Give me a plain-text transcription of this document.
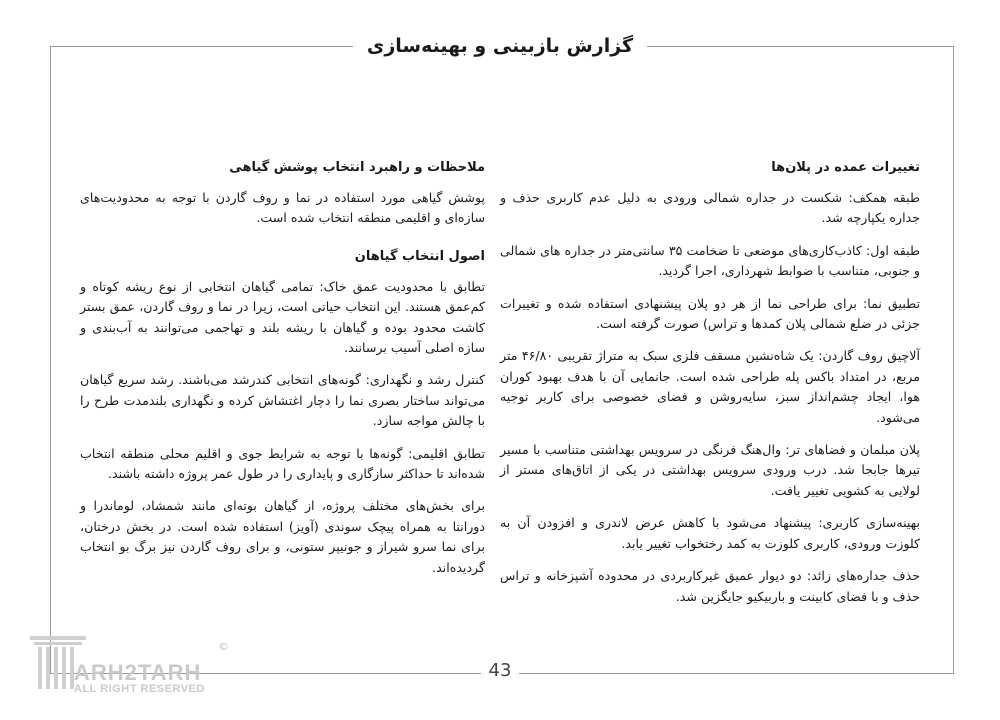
گزارش بازبینی و بهینه‌سازی
تغییرات عمده در پلان‌ها

طبقه همکف: شکست در جداره شمالی ورودی به دلیل عدم کاربری حذف و جداره یکپارچه شد.

طبقه اول: کاذب‌کاری‌های موضعی تا ضخامت ۳۵ سانتی‌متر در جداره های شمالی و جنوبی، متناسب با ضوابط شهرداری، اجرا گردید.

تطبیق نما: برای طراحی نما از هر دو پلان پیشنهادی استفاده شده و تغییرات جزئی در ضلع شمالی پلان کمدها و تراس) صورت گرفته است.

آلاچیق روف گاردن: یک شاه‌نشین مسقف فلزی سبک به متراژ تقریبی ۴۶/۸۰ متر مربع، در امتداد باکس پله طراحی شده است. جانمایی آن با هدف بهبود کوران هوا، ایجاد چشم‌انداز سبز، سایه‌روشن و فضای خصوصی برای کاربر توجیه می‌شود.

پلان مبلمان و فضاهای تر: وال‌هنگ فرنگی در سرویس بهداشتی متناسب با مسیر تیرها جابجا شد. درب ورودی سرویس بهداشتی در یکی از اتاق‌های مستر از لولایی به کشویی تغییر یافت.

بهینه‌سازی کاربری: پیشنهاد می‌شود با کاهش عرض لاندری و افزودن آن به کلوزت ورودی، کاربری کلوزت به کمد رختخواب تغییر یابد.

حذف جداره‌های زائد: دو دیوار عمیق غیرکاربردی در محدوده آشپزخانه و تراس حذف و با فضای کابینت و باربیکیو جایگزین شد.

ملاحظات و راهبرد انتخاب پوشش گیاهی

پوشش گیاهی مورد استفاده در نما و روف گاردن با توجه به محدودیت‌های سازه‌ای و اقلیمی منطقه انتخاب شده است.

اصول انتخاب گیاهان

تطابق با محدودیت عمق خاک: تمامی گیاهان انتخابی از نوع ریشه کوتاه و کم‌عمق هستند. این انتخاب حیاتی است، زیرا در نما و روف گاردن، عمق بستر کاشت محدود بوده و گیاهان با ریشه بلند و تهاجمی می‌توانند به آب‌بندی و سازه اصلی آسیب برسانند.

کنترل رشد و نگهداری: گونه‌های انتخابی کندرشد می‌باشند. رشد سریع گیاهان می‌تواند ساختار بصری نما را دچار اغتشاش کرده و نگهداری بلندمدت طرح را با چالش مواجه سازد.

تطابق اقلیمی: گونه‌ها با توجه به شرایط جوی و اقلیم محلی منطقه انتخاب شده‌اند تا حداکثر سازگاری و پایداری را در طول عمر پروژه داشته باشند.

برای بخش‌های مختلف پروژه، از گیاهان بوته‌ای مانند شمشاد، لوماندرا و دورانتا به همراه پیچک سوندی (آویز) استفاده شده است. در بخش درختان، برای نما سرو شیراز و جونیپر ستونی، و برای روف گاردن نیز برگ بو انتخاب گردیده‌اند.

43
ARH2TARH
©
ALL RIGHT RESERVED
